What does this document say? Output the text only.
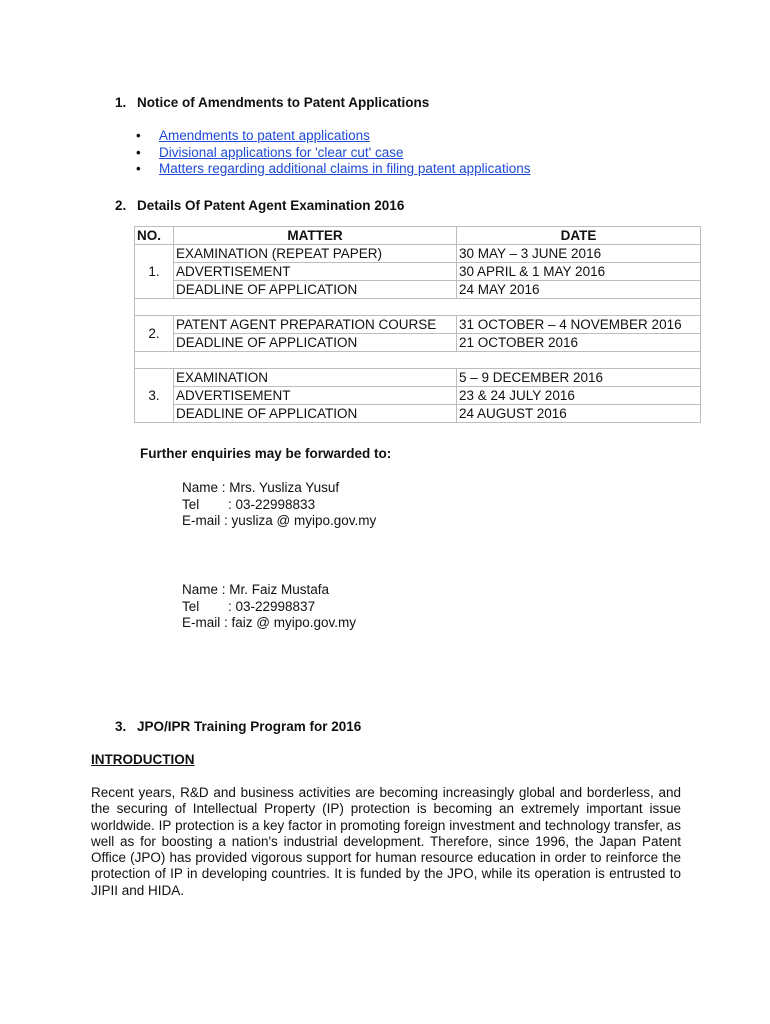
1. Notice of Amendments to Patent Applications
• Amendments to patent applications
• Divisional applications for 'clear cut' case
• Matters regarding additional claims in filing patent applications
2. Details Of Patent Agent Examination 2016
NO.	MATTER	DATE
1.	EXAMINATION (REPEAT PAPER)	30 MAY – 3 JUNE 2016
	ADVERTISEMENT	30 APRIL & 1 MAY 2016
	DEADLINE OF APPLICATION	24 MAY 2016

2.	PATENT AGENT PREPARATION COURSE	31 OCTOBER – 4 NOVEMBER 2016
	DEADLINE OF APPLICATION	21 OCTOBER 2016

3.	EXAMINATION	5 – 9 DECEMBER 2016
	ADVERTISEMENT	23 & 24 JULY 2016
	DEADLINE OF APPLICATION	24 AUGUST 2016
Further enquiries may be forwarded to:
Name : Mrs. Yusliza Yusuf
Tel : 03-22998833
E-mail : yusliza @ myipo.gov.my
Name : Mr. Faiz Mustafa
Tel : 03-22998837
E-mail : faiz @ myipo.gov.my
3. JPO/IPR Training Program for 2016
INTRODUCTION

Recent years, R&D and business activities are becoming increasingly global and borderless, and the securing of Intellectual Property (IP) protection is becoming an extremely important issue worldwide. IP protection is a key factor in promoting foreign investment and technology transfer, as well as for boosting a nation's industrial development. Therefore, since 1996, the Japan Patent Office (JPO) has provided vigorous support for human resource education in order to reinforce the protection of IP in developing countries. It is funded by the JPO, while its operation is entrusted to JIPII and HIDA.
